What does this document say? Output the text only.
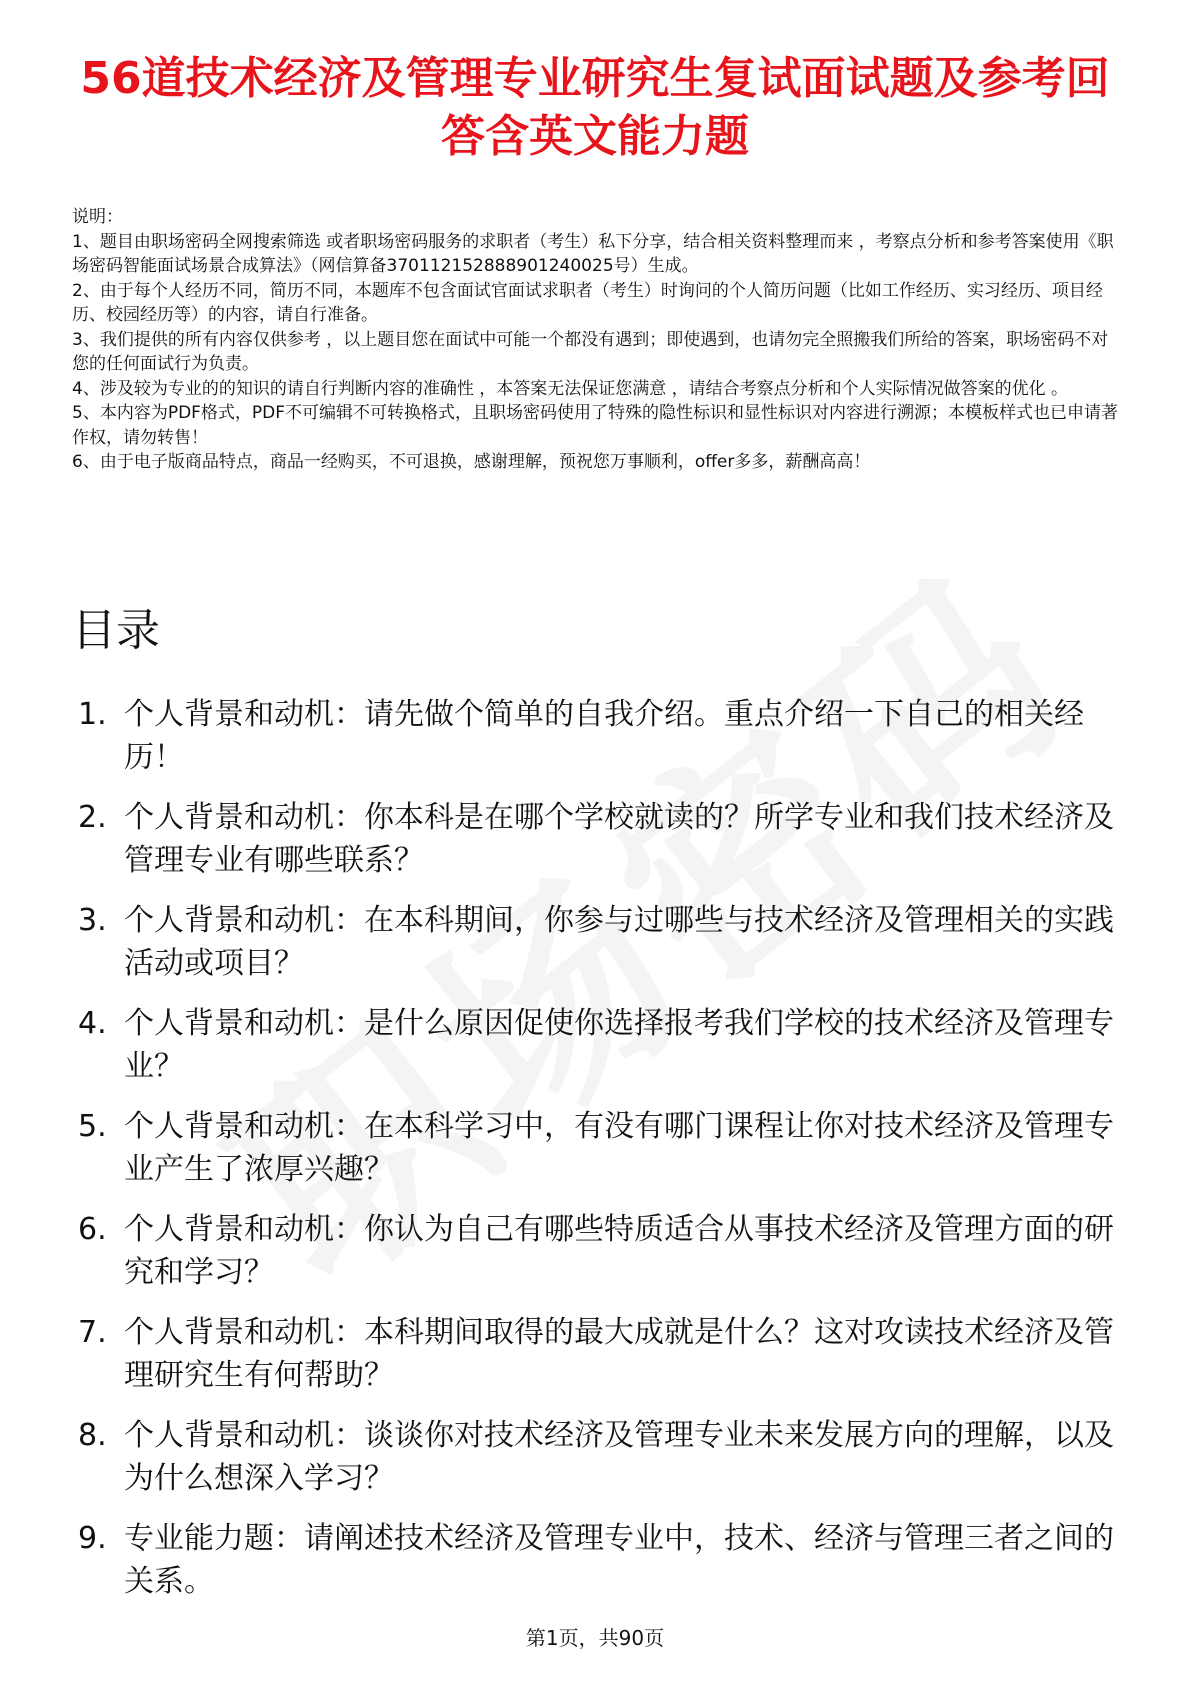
56道技术经济及管理专业研究生复试面试题及参考回答含英文能力题

说明：

1、题目由职场密码全网搜索筛选 或者职场密码服务的求职者（考生）私下分享，结合相关资料整理而来 ，考察点分析和参考答案使用《职场密码智能面试场景合成算法》（网信算备370112152888901240025号）生成。

2、由于每个人经历不同，简历不同，本题库不包含面试官面试求职者（考生）时询问的个人简历问题（比如工作经历、实习经历、项目经历、校园经历等）的内容，请自行准备。

3、我们提供的所有内容仅供参考 ，以上题目您在面试中可能一个都没有遇到；即使遇到，也请勿完全照搬我们所给的答案，职场密码不对您的任何面试行为负责。

4、涉及较为专业的的知识的请自行判断内容的准确性 ，本答案无法保证您满意 ，请结合考察点分析和个人实际情况做答案的优化 。

5、本内容为PDF格式，PDF不可编辑不可转换格式，且职场密码使用了特殊的隐性标识和显性标识对内容进行溯源；本模板样式也已申请著作权，请勿转售！

6、由于电子版商品特点，商品一经购买，不可退换，感谢理解，预祝您万事顺利，offer多多，薪酬高高！

目录
1. 个人背景和动机：请先做个简单的自我介绍。重点介绍一下自己的相关经历！
2. 个人背景和动机：你本科是在哪个学校就读的？所学专业和我们技术经济及管理专业有哪些联系？
3. 个人背景和动机：在本科期间，你参与过哪些与技术经济及管理相关的实践活动或项目？
4. 个人背景和动机：是什么原因促使你选择报考我们学校的技术经济及管理专业？
5. 个人背景和动机：在本科学习中，有没有哪门课程让你对技术经济及管理专业产生了浓厚兴趣？
6. 个人背景和动机：你认为自己有哪些特质适合从事技术经济及管理方面的研究和学习？
7. 个人背景和动机：本科期间取得的最大成就是什么？这对攻读技术经济及管理研究生有何帮助？
8. 个人背景和动机：谈谈你对技术经济及管理专业未来发展方向的理解，以及为什么想深入学习？
9. 专业能力题：请阐述技术经济及管理专业中，技术、经济与管理三者之间的关系。
第1页，共90页
